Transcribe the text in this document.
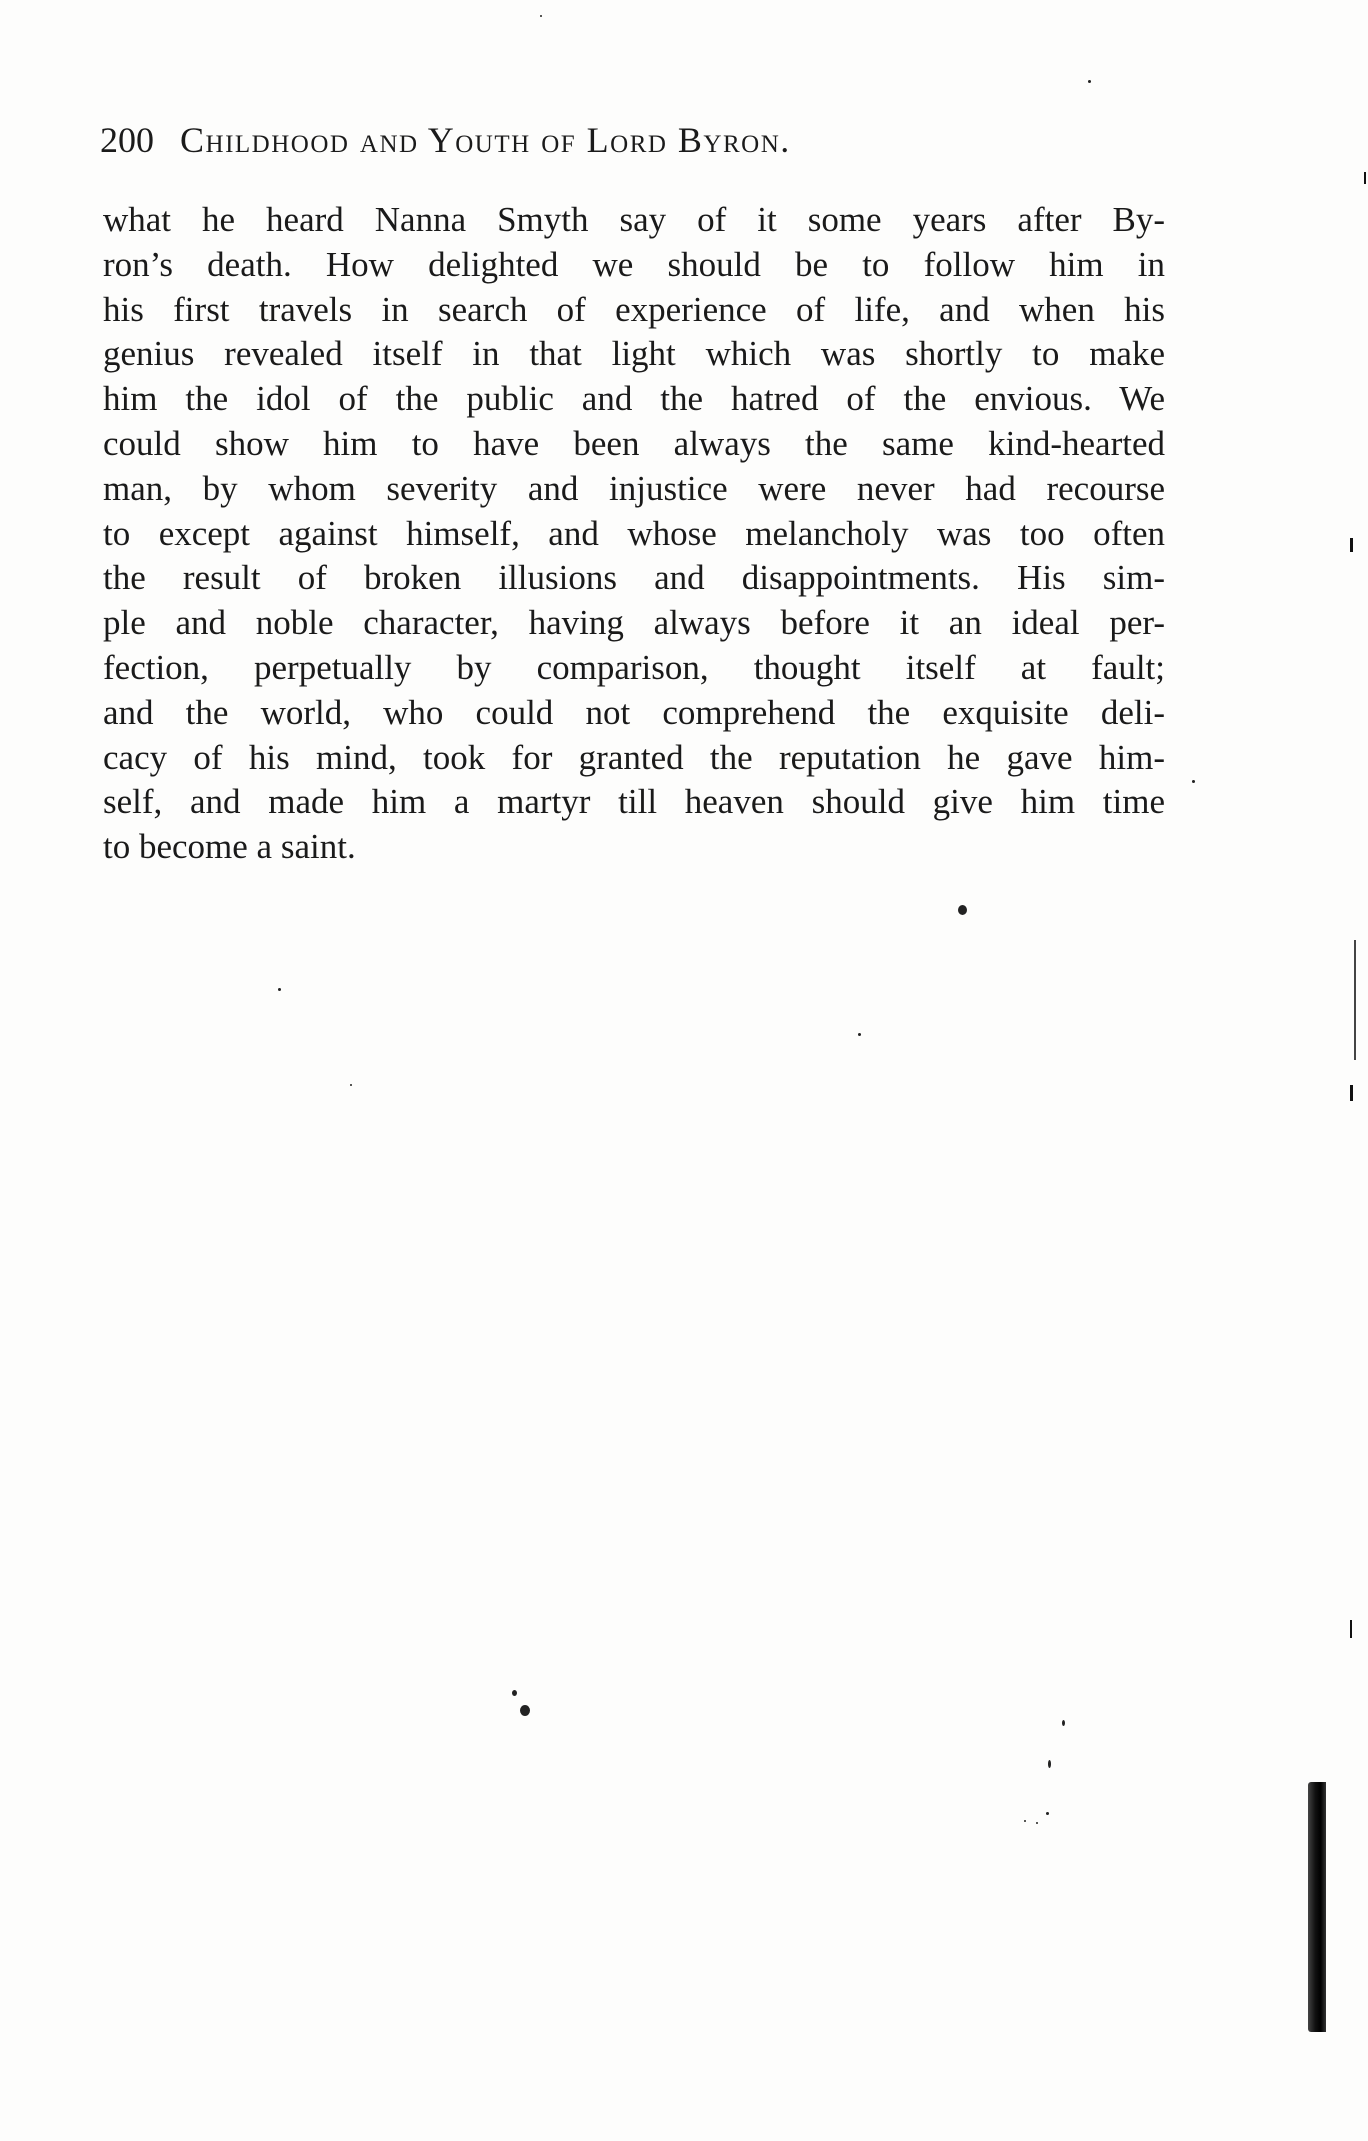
200 Childhood and Youth of Lord Byron.
what he heard Nanna Smyth say of it some years after By-
ron’s death. How delighted we should be to follow him in
his first travels in search of experience of life, and when his
genius revealed itself in that light which was shortly to make
him the idol of the public and the hatred of the envious. We
could show him to have been always the same kind-hearted
man, by whom severity and injustice were never had recourse
to except against himself, and whose melancholy was too often
the result of broken illusions and disappointments. His sim-
ple and noble character, having always before it an ideal per-
fection, perpetually by comparison, thought itself at fault;
and the world, who could not comprehend the exquisite deli-
cacy of his mind, took for granted the reputation he gave him-
self, and made him a martyr till heaven should give him time
to become a saint.
